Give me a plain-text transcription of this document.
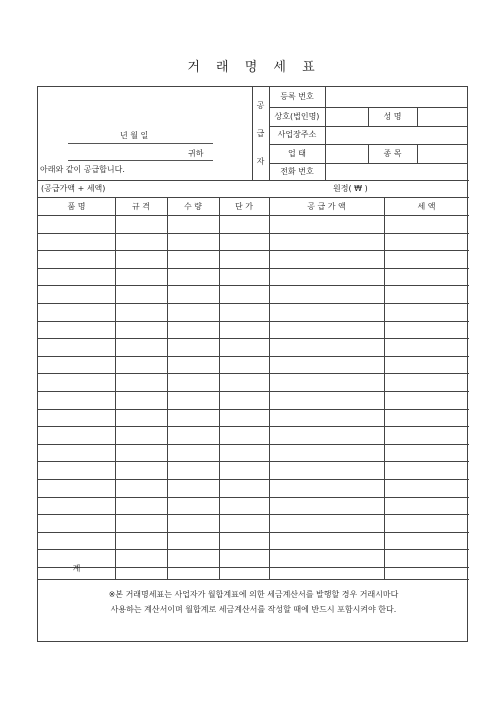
거 래 명 세 표
년 월 일
귀하
아래와 같이 공급합니다.
공
급
자
등록 번호
상호(법인명)	성 명
사업장주소
업 태	종 목
전화 번호
(공급가액 + 세액)	원정( ₩ )
품 명	규 격	수 량	단 가	공 급 가 액	세 액
계
※본 거래명세표는 사업자가 월합계표에 의한 세금계산서를 발행할 경우 거래시마다
사용하는 계산서이며 월합계로 세금계산서를 작성할 때에 반드시 포함시켜야 한다.
